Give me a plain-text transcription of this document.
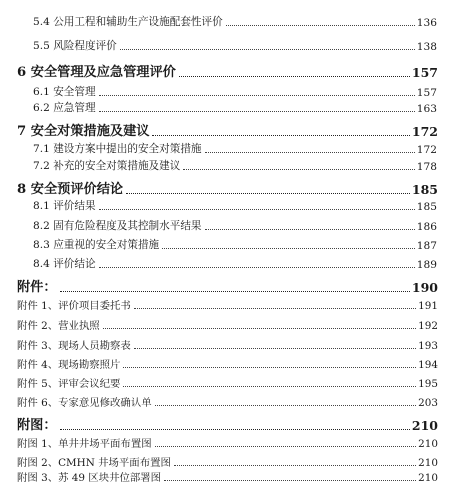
5.4 公用工程和辅助生产设施配套性评价	136
5.5 风险程度评价	138
6 安全管理及应急管理评价	157
6.1 安全管理	157
6.2 应急管理	163
7 安全对策措施及建议	172
7.1 建设方案中提出的安全对策措施	172
7.2 补充的安全对策措施及建议	178
8 安全预评价结论	185
8.1 评价结果	185
8.2 固有危险程度及其控制水平结果	186
8.3 应重视的安全对策措施	187
8.4 评价结论	189
附件：	190
附件 1、评价项目委托书	191
附件 2、营业执照	192
附件 3、现场人员勘察表	193
附件 4、现场勘察照片	194
附件 5、评审会议纪要	195
附件 6、专家意见修改确认单	203
附图：	210
附图 1、单井井场平面布置图	210
附图 2、CMHN 井场平面布置图	210
附图 3、苏 49 区块井位部署图	210
